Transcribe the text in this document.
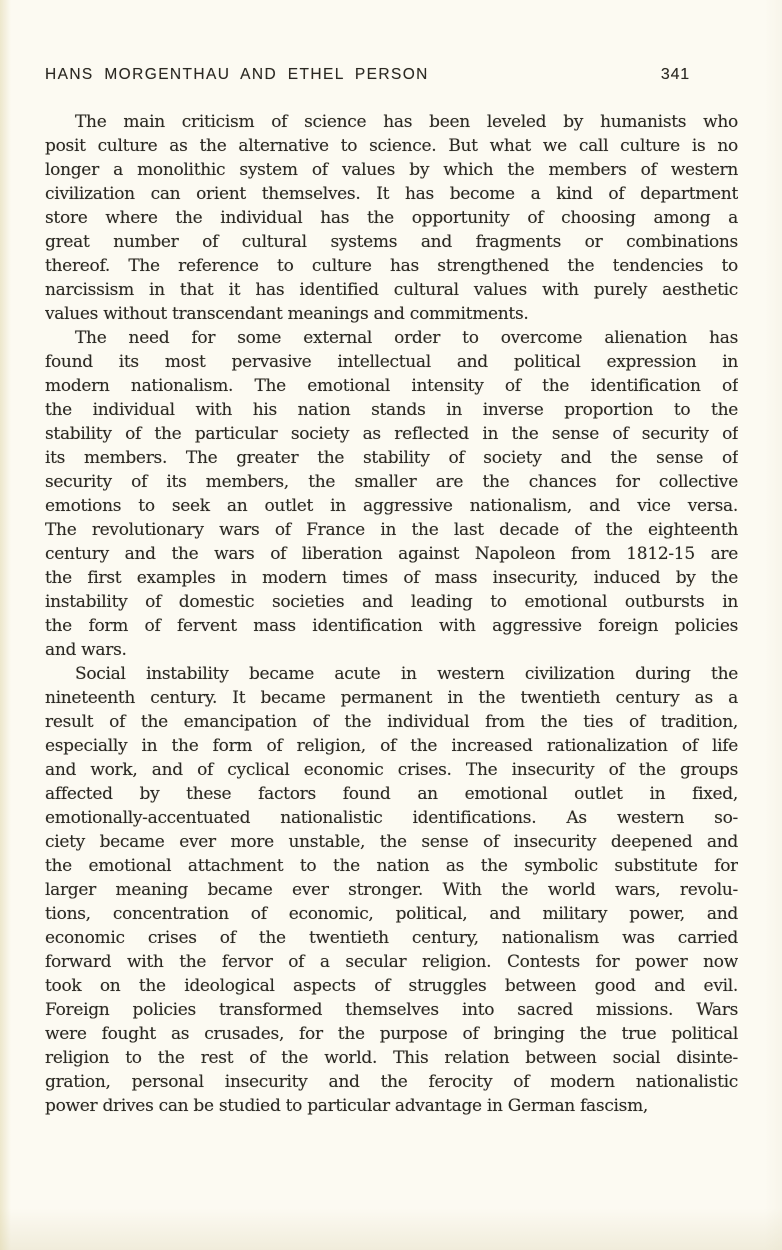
HANS MORGENTHAU AND ETHEL PERSON	341
The main criticism of science has been leveled by humanists who
posit culture as the alternative to science. But what we call culture is no
longer a monolithic system of values by which the members of western
civilization can orient themselves. It has become a kind of department
store where the individual has the opportunity of choosing among a
great number of cultural systems and fragments or combinations
thereof. The reference to culture has strengthened the tendencies to
narcissism in that it has identified cultural values with purely aesthetic
values without transcendant meanings and commitments.
The need for some external order to overcome alienation has
found its most pervasive intellectual and political expression in
modern nationalism. The emotional intensity of the identification of
the individual with his nation stands in inverse proportion to the
stability of the particular society as reflected in the sense of security of
its members. The greater the stability of society and the sense of
security of its members, the smaller are the chances for collective
emotions to seek an outlet in aggressive nationalism, and vice versa.
The revolutionary wars of France in the last decade of the eighteenth
century and the wars of liberation against Napoleon from 1812-15 are
the first examples in modern times of mass insecurity, induced by the
instability of domestic societies and leading to emotional outbursts in
the form of fervent mass identification with aggressive foreign policies
and wars.
Social instability became acute in western civilization during the
nineteenth century. It became permanent in the twentieth century as a
result of the emancipation of the individual from the ties of tradition,
especially in the form of religion, of the increased rationalization of life
and work, and of cyclical economic crises. The insecurity of the groups
affected by these factors found an emotional outlet in fixed,
emotionally-accentuated nationalistic identifications. As western so-
ciety became ever more unstable, the sense of insecurity deepened and
the emotional attachment to the nation as the symbolic substitute for
larger meaning became ever stronger. With the world wars, revolu-
tions, concentration of economic, political, and military power, and
economic crises of the twentieth century, nationalism was carried
forward with the fervor of a secular religion. Contests for power now
took on the ideological aspects of struggles between good and evil.
Foreign policies transformed themselves into sacred missions. Wars
were fought as crusades, for the purpose of bringing the true political
religion to the rest of the world. This relation between social disinte-
gration, personal insecurity and the ferocity of modern nationalistic
power drives can be studied to particular advantage in German fascism,
